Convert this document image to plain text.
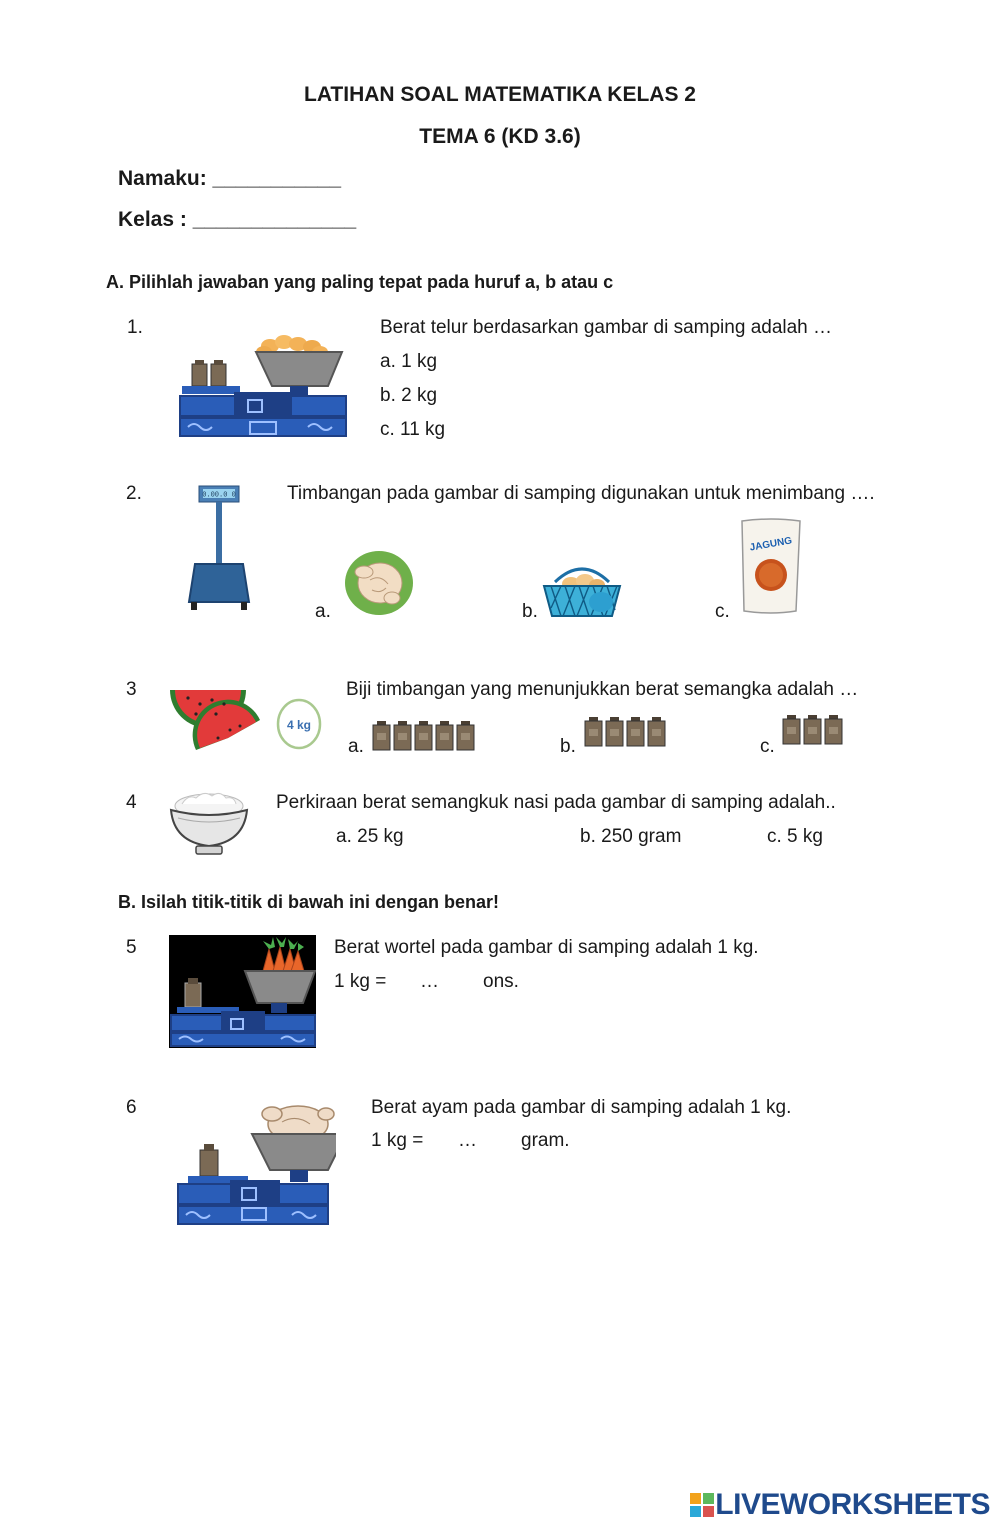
LATIHAN SOAL MATEMATIKA KELAS 2
TEMA 6 (KD 3.6)
Namaku: ___________
Kelas : ______________
A. Pilihlah jawaban yang paling tepat pada huruf a, b atau c
1.	Berat telur berdasarkan gambar di samping adalah …
a. 1 kg
b. 2 kg
c. 11 kg
2.	0.00.0 0	Timbangan pada gambar di samping digunakan untuk menimbang ….
a.	b.	c.
JAGUNG
3
4 kg
Biji timbangan yang menunjukkan berat semangka adalah …
a.	b.	c.
4	Perkiraan berat semangkuk nasi pada gambar di samping adalah..
a. 25 kg	b. 250 gram	c. 5 kg
B. Isilah titik-titik di bawah ini dengan benar!
5	Berat wortel pada gambar di samping adalah 1 kg.
1 kg = … ons.
6	Berat ayam pada gambar di samping adalah 1 kg.
1 kg = … gram.
LIVEWORKSHEETS
